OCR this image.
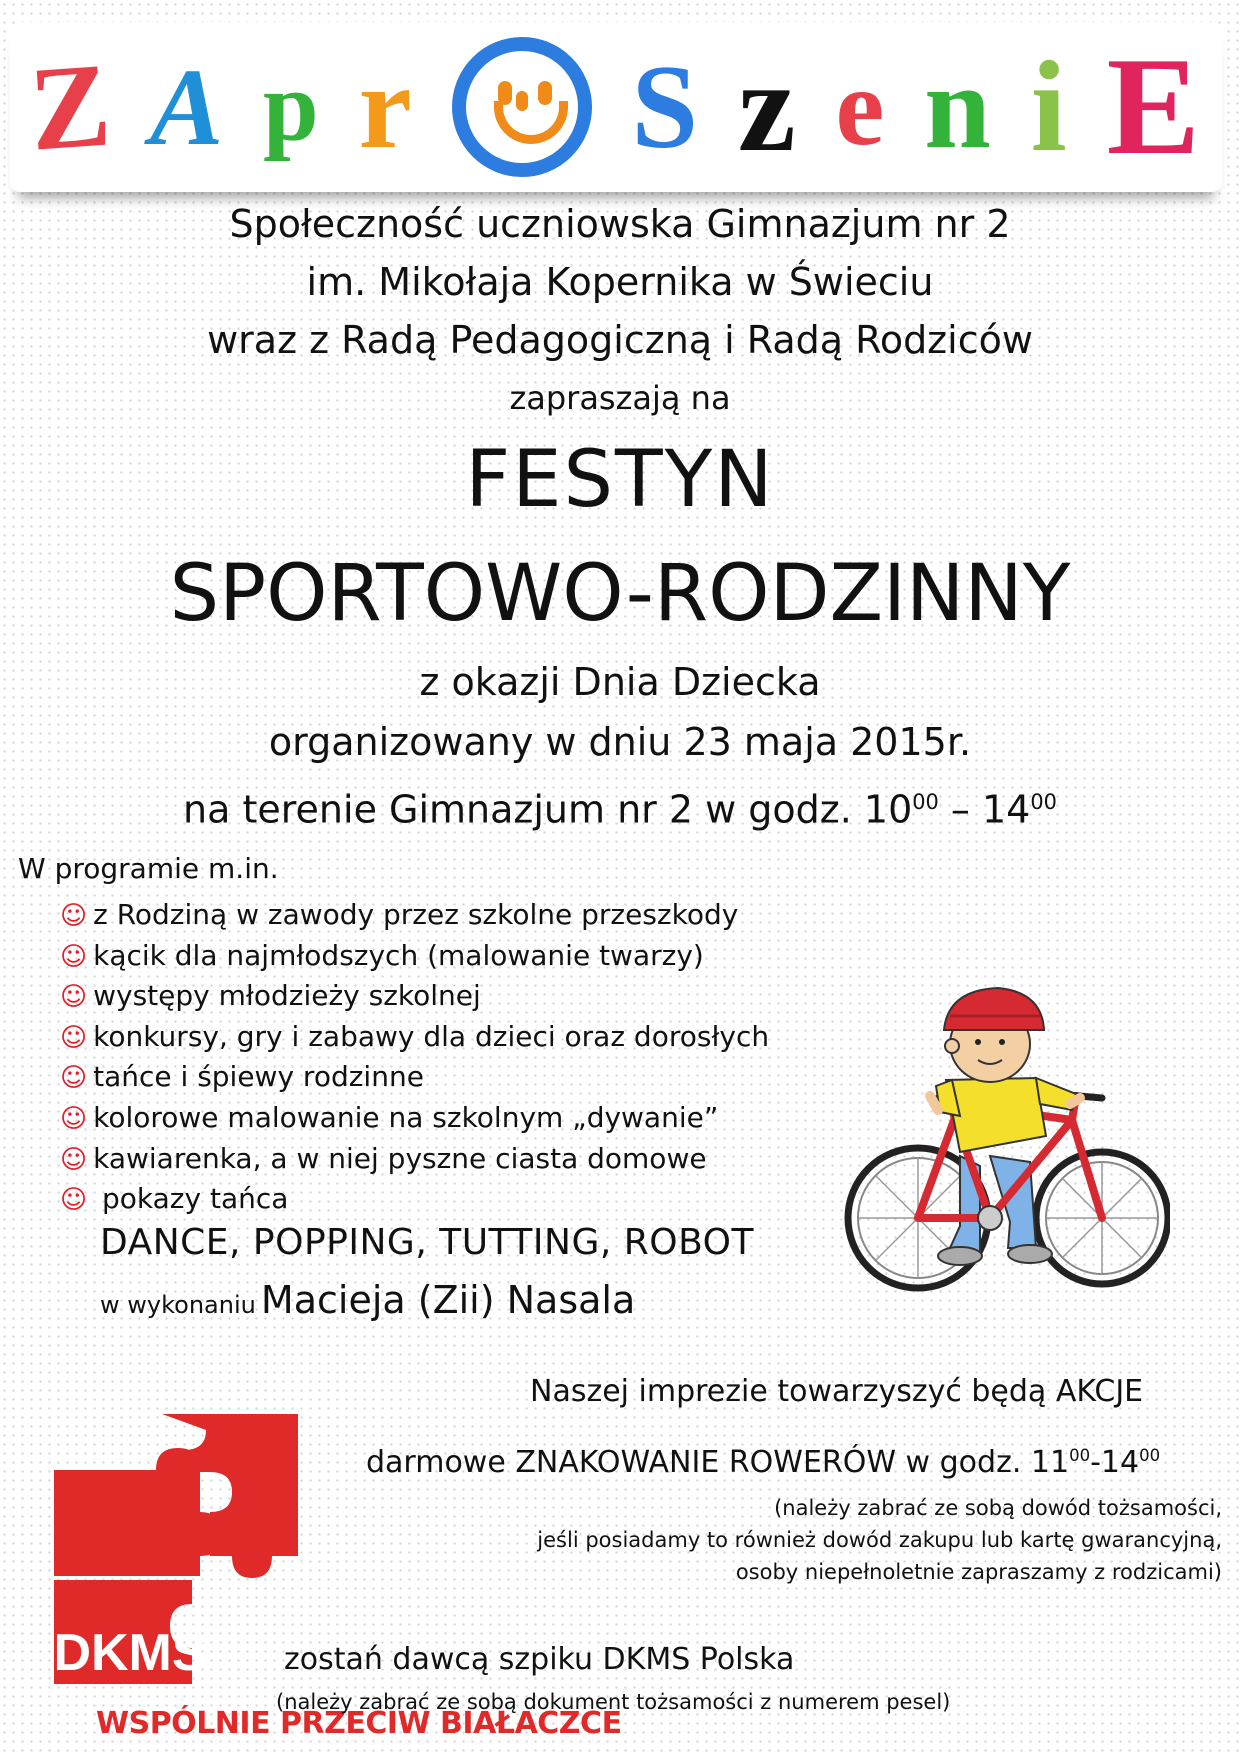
Z A p r S z e n i E
Społeczność uczniowska Gimnazjum nr 2
im. Mikołaja Kopernika w Świeciu
wraz z Radą Pedagogiczną i Radą Rodziców
zapraszają na
FESTYN
SPORTOWO-RODZINNY
z okazji Dnia Dziecka
organizowany w dniu 23 maja 2015r.
na terenie Gimnazjum nr 2 w godz. $10^{00} - 14^{00}$
W programie m.in.
☺ z Rodziną w zawody przez szkolne przeszkody
☺ kącik dla najmłodszych (malowanie twarzy)
☺ występy młodzieży szkolnej
☺ konkursy, gry i zabawy dla dzieci oraz dorosłych
☺ tańce i śpiewy rodzinne
☺ kolorowe malowanie na szkolnym „dywanie”
☺ kawiarenka, a w niej pyszne ciasta domowe
☺ pokazy tańca
DANCE, POPPING, TUTTING, ROBOT
w wykonaniu Macieja (Zii) Nasala
Naszej imprezie towarzyszyć będą AKCJE
darmowe ZNAKOWANIE ROWERÓW w godz. $11^{00}-14^{00}$
(należy zabrać ze sobą dowód tożsamości,
jeśli posiadamy to również dowód zakupu lub kartę gwarancyjną,
osoby niepełnoletnie zapraszamy z rodzicami)
DKMS
WSPÓLNIE PRZECIW BIAŁACZCE
zostań dawcą szpiku DKMS Polska
(należy zabrać ze sobą dokument tożsamości z numerem pesel)
